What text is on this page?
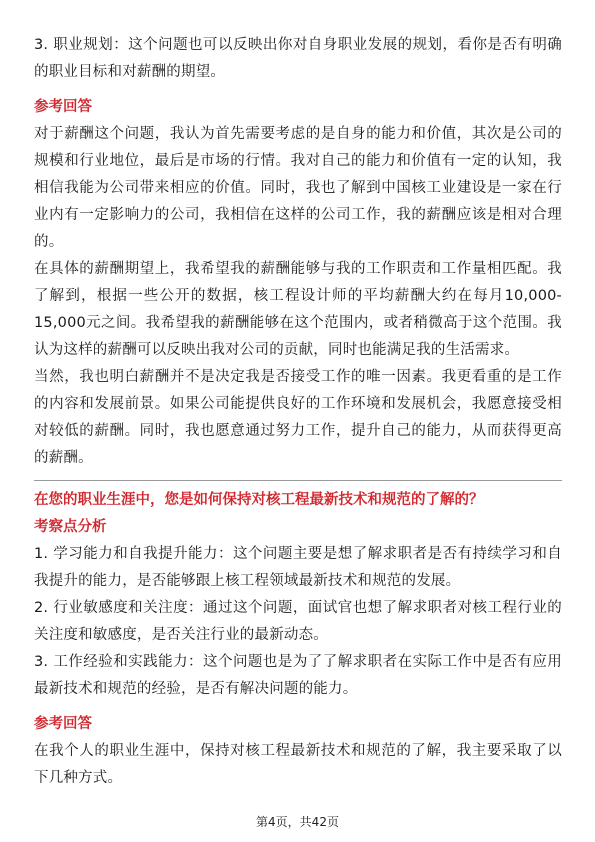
3. 职业规划：这个问题也可以反映出你对自身职业发展的规划，看你是否有明确的职业目标和对薪酬的期望。

参考回答

对于薪酬这个问题，我认为首先需要考虑的是自身的能力和价值，其次是公司的规模和行业地位，最后是市场的行情。我对自己的能力和价值有一定的认知，我相信我能为公司带来相应的价值。同时，我也了解到中国核工业建设是一家在行业内有一定影响力的公司，我相信在这样的公司工作，我的薪酬应该是相对合理的。

在具体的薪酬期望上，我希望我的薪酬能够与我的工作职责和工作量相匹配。我了解到，根据一些公开的数据，核工程设计师的平均薪酬大约在每月10,000-15,000元之间。我希望我的薪酬能够在这个范围内，或者稍微高于这个范围。我认为这样的薪酬可以反映出我对公司的贡献，同时也能满足我的生活需求。

当然，我也明白薪酬并不是决定我是否接受工作的唯一因素。我更看重的是工作的内容和发展前景。如果公司能提供良好的工作环境和发展机会，我愿意接受相对较低的薪酬。同时，我也愿意通过努力工作，提升自己的能力，从而获得更高的薪酬。

在您的职业生涯中，您是如何保持对核工程最新技术和规范的了解的？
考察点分析

1. 学习能力和自我提升能力：这个问题主要是想了解求职者是否有持续学习和自我提升的能力，是否能够跟上核工程领域最新技术和规范的发展。

2. 行业敏感度和关注度：通过这个问题，面试官也想了解求职者对核工程行业的关注度和敏感度，是否关注行业的最新动态。

3. 工作经验和实践能力：这个问题也是为了了解求职者在实际工作中是否有应用最新技术和规范的经验，是否有解决问题的能力。

参考回答

在我个人的职业生涯中，保持对核工程最新技术和规范的了解，我主要采取了以下几种方式。

第4页，共42页
